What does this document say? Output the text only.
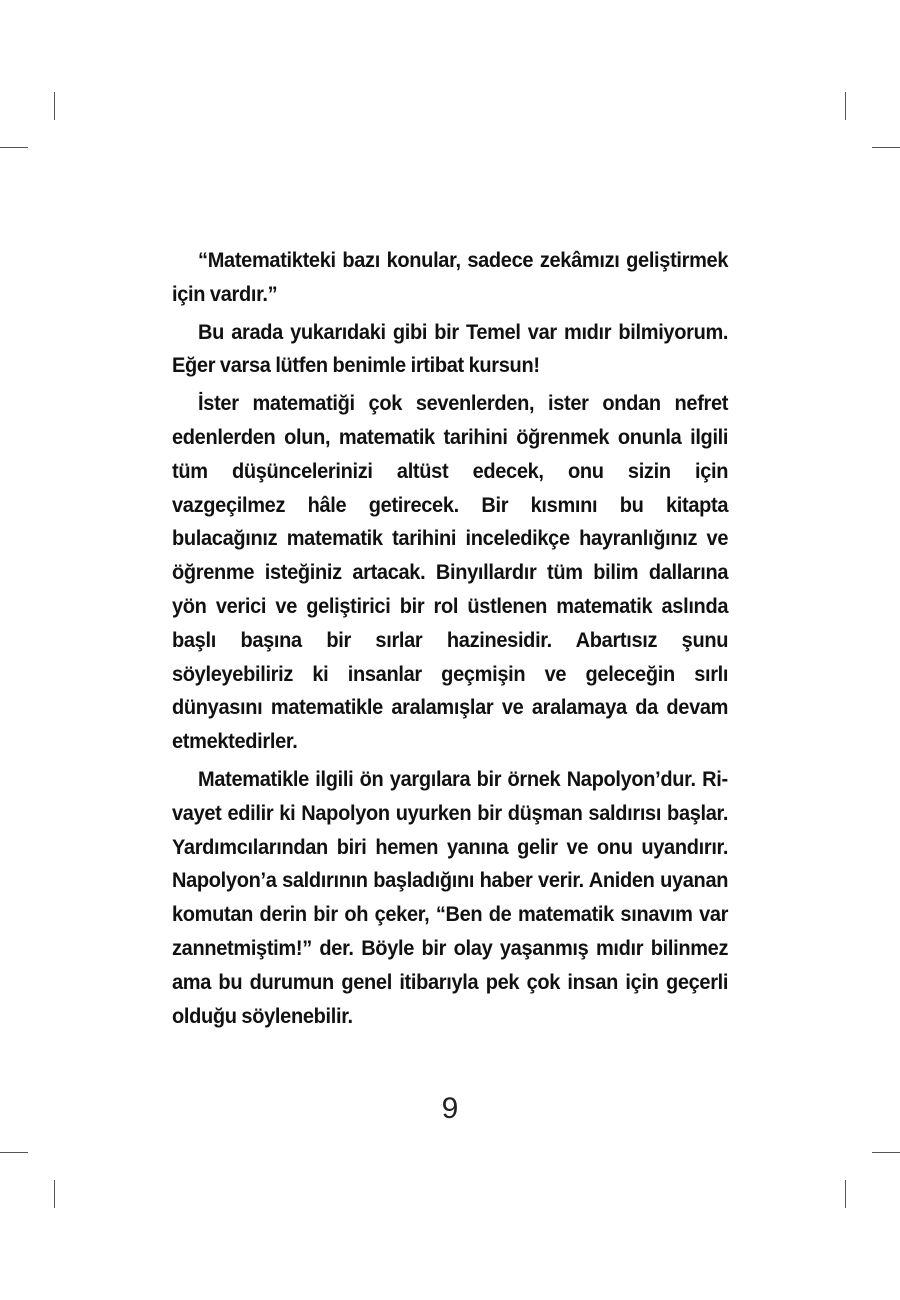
“Matematikteki bazı konular, sadece zekâmızı geliştirmek için vardır.”

Bu arada yukarıdaki gibi bir Temel var mıdır bilmiyorum. Eğer varsa lütfen benimle irtibat kursun!

İster matematiği çok sevenlerden, ister ondan nefret edenlerden olun, matematik tarihini öğrenmek onunla ilgili tüm düşüncelerinizi altüst edecek, onu sizin için vazgeçilmez hâle getirecek. Bir kısmını bu kitapta bulacağınız matematik tarihini inceledikçe hayranlığınız ve öğrenme isteğiniz artacak. Binyıllardır tüm bilim dallarına yön verici ve geliştirici bir rol üstlenen matematik aslında başlı başına bir sırlar hazinesidir. Abartısız şunu söyleyebiliriz ki insanlar geçmişin ve geleceğin sırlı dünyasını matematikle aralamışlar ve aralamaya da devam etmektedirler.

Matematikle ilgili ön yargılara bir örnek Napolyon’dur. Rivayet edilir ki Napolyon uyurken bir düşman saldırısı başlar. Yardımcılarından biri hemen yanına gelir ve onu uyandırır. Napolyon’a saldırının başladığını haber verir. Aniden uyanan komutan derin bir oh çeker, “Ben de matematik sınavım var zannetmiştim!” der. Böyle bir olay yaşanmış mıdır bilinmez ama bu durumun genel itibarıyla pek çok insan için geçerli olduğu söylenebilir.

9
